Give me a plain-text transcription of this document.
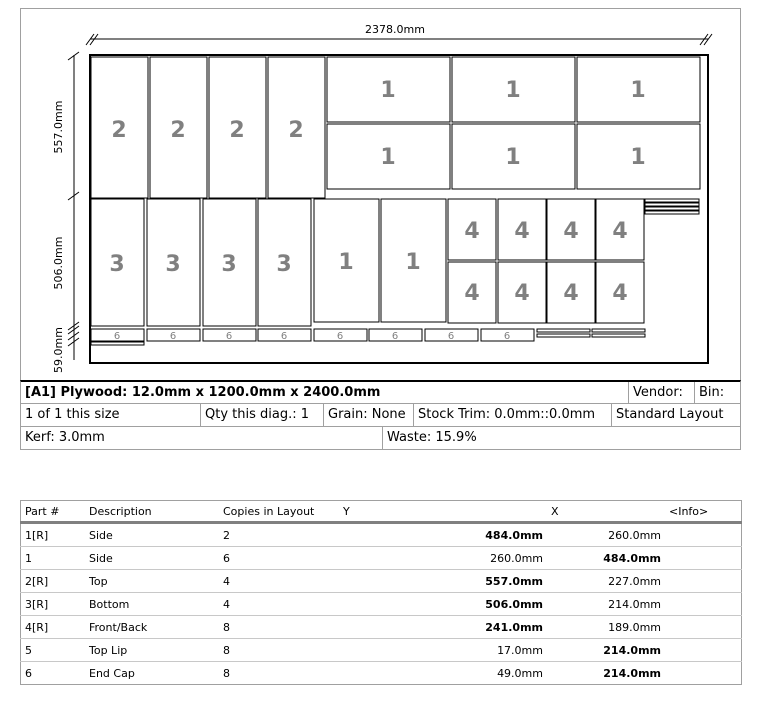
2378.0mm
557.0mm
506.0mm
59.0mm
2 2 2 2
1	1	1
1	1	1
3 3 3 3 1 1
4 4 4 4
4 4 4 4
6	6	6	6	6	6	6	6
[A1] Plywood: 12.0mm x 1200.0mm x 2400.0mm	Vendor:	Bin:
1 of 1 this size	Qty this diag.: 1	Grain: None Stock Trim: 0.0mm::0.0mm	Standard Layout
Kerf: 3.0mm	Waste: 15.9%
Part #	Description	Copies in Layout	Y	X	<Info>
1[R]	Side	2	484.0mm	260.0mm	
1	Side	6	260.0mm	484.0mm	
2[R]	Top	4	557.0mm	227.0mm	
3[R]	Bottom	4	506.0mm	214.0mm	
4[R]	Front/Back	8	241.0mm	189.0mm	
5	Top Lip	8	17.0mm	214.0mm	
6	End Cap	8	49.0mm	214.0mm	
